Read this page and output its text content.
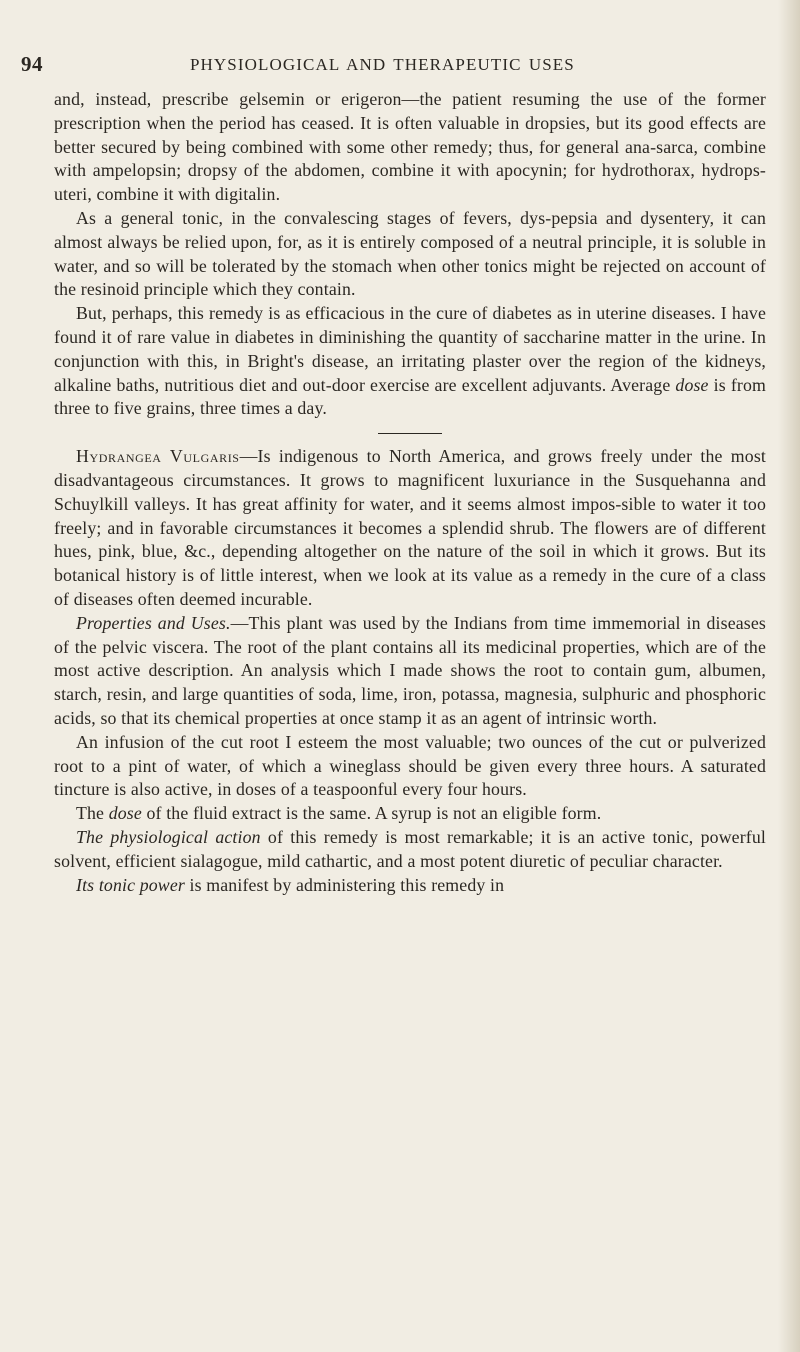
94	PHYSIOLOGICAL AND THERAPEUTIC USES

and, instead, prescribe gelsemin or erigeron—the patient resuming the use of the former prescription when the period has ceased. It is often valuable in dropsies, but its good effects are better secured by being combined with some other remedy; thus, for general ana-sarca, combine with ampelopsin; dropsy of the abdomen, combine it with apocynin; for hydrothorax, hydrops-uteri, combine it with digitalin.

As a general tonic, in the convalescing stages of fevers, dys-pepsia and dysentery, it can almost always be relied upon, for, as it is entirely composed of a neutral principle, it is soluble in water, and so will be tolerated by the stomach when other tonics might be rejected on account of the resinoid principle which they contain.

But, perhaps, this remedy is as efficacious in the cure of diabetes as in uterine diseases. I have found it of rare value in diabetes in diminishing the quantity of saccharine matter in the urine. In conjunction with this, in Bright's disease, an irritating plaster over the region of the kidneys, alkaline baths, nutritious diet and out-door exercise are excellent adjuvants. Average dose is from three to five grains, three times a day.

Hydrangea Vulgaris—Is indigenous to North America, and grows freely under the most disadvantageous circumstances. It grows to magnificent luxuriance in the Susquehanna and Schuylkill valleys. It has great affinity for water, and it seems almost impos-sible to water it too freely; and in favorable circumstances it becomes a splendid shrub. The flowers are of different hues, pink, blue, &c., depending altogether on the nature of the soil in which it grows. But its botanical history is of little interest, when we look at its value as a remedy in the cure of a class of diseases often deemed incurable.

Properties and Uses.—This plant was used by the Indians from time immemorial in diseases of the pelvic viscera. The root of the plant contains all its medicinal properties, which are of the most active description. An analysis which I made shows the root to contain gum, albumen, starch, resin, and large quantities of soda, lime, iron, potassa, magnesia, sulphuric and phosphoric acids, so that its chemical properties at once stamp it as an agent of intrinsic worth.

An infusion of the cut root I esteem the most valuable; two ounces of the cut or pulverized root to a pint of water, of which a wineglass should be given every three hours. A saturated tincture is also active, in doses of a teaspoonful every four hours.

The dose of the fluid extract is the same. A syrup is not an eligible form.

The physiological action of this remedy is most remarkable; it is an active tonic, powerful solvent, efficient sialagogue, mild cathartic, and a most potent diuretic of peculiar character.

Its tonic power is manifest by administering this remedy in
